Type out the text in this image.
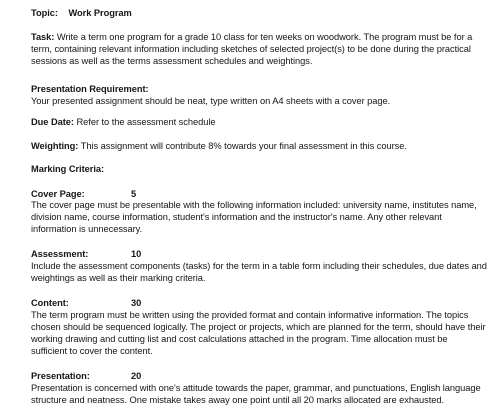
Topic: Work Program
Task: Write a term one program for a grade 10 class for ten weeks on woodwork. The program must be for a
term, containing relevant information including sketches of selected project(s) to be done during the practical
sessions as well as the terms assessment schedules and weightings.
Presentation Requirement:
Your presented assignment should be neat, type written on A4 sheets with a cover page.
Due Date: Refer to the assessment schedule
Weighting: This assignment will contribute 8% towards your final assessment in this course.
Marking Criteria:
Cover Page:	5
The cover page must be presentable with the following information included: university name, institutes name,
division name, course information, student's information and the instructor's name. Any other relevant
information is unnecessary.
Assessment:	10
Include the assessment components (tasks) for the term in a table form including their schedules, due dates and
weightings as well as their marking criteria.
Content:	30
The term program must be written using the provided format and contain informative information. The topics
chosen should be sequenced logically. The project or projects, which are planned for the term, should have their
working drawing and cutting list and cost calculations attached in the program. Time allocation must be
sufficient to cover the content.
Presentation:	20
Presentation is concerned with one's attitude towards the paper, grammar, and punctuations, English language
structure and neatness. One mistake takes away one point until all 20 marks allocated are exhausted.
